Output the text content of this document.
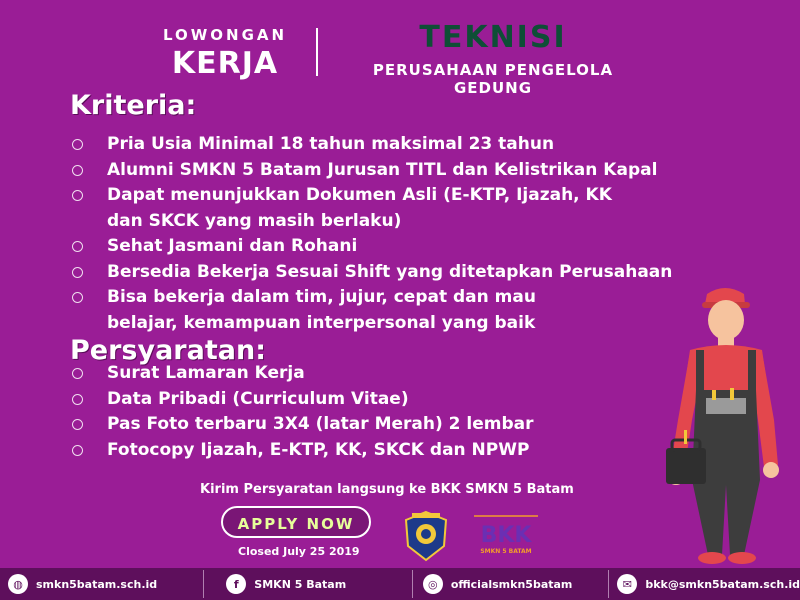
LOWONGAN
KERJA
TEKNISI
PERUSAHAAN PENGELOLA GEDUNG
Kriteria:
Pria Usia Minimal 18 tahun maksimal 23 tahun
Alumni SMKN 5 Batam Jurusan TITL dan Kelistrikan Kapal
Dapat menunjukkan Dokumen Asli (E-KTP, Ijazah, KK dan SKCK yang masih berlaku)
Sehat Jasmani dan Rohani
Bersedia Bekerja Sesuai Shift yang ditetapkan Perusahaan
Bisa bekerja dalam tim, jujur, cepat dan mau belajar, kemampuan interpersonal yang baik
Persyaratan:
Surat Lamaran Kerja
Data Pribadi (Curriculum Vitae)
Pas Foto terbaru 3X4 (latar Merah) 2 lembar
Fotocopy Ijazah, E-KTP, KK, SKCK dan NPWP
Kirim Persyaratan langsung ke BKK SMKN 5 Batam
APPLY NOW
Closed July 25 2019
BKK
SMKN 5 BATAM
◍	smkn5batam.sch.id	f	SMKN 5 Batam	◎	officialsmkn5batam	✉	bkk@smkn5batam.sch.id
